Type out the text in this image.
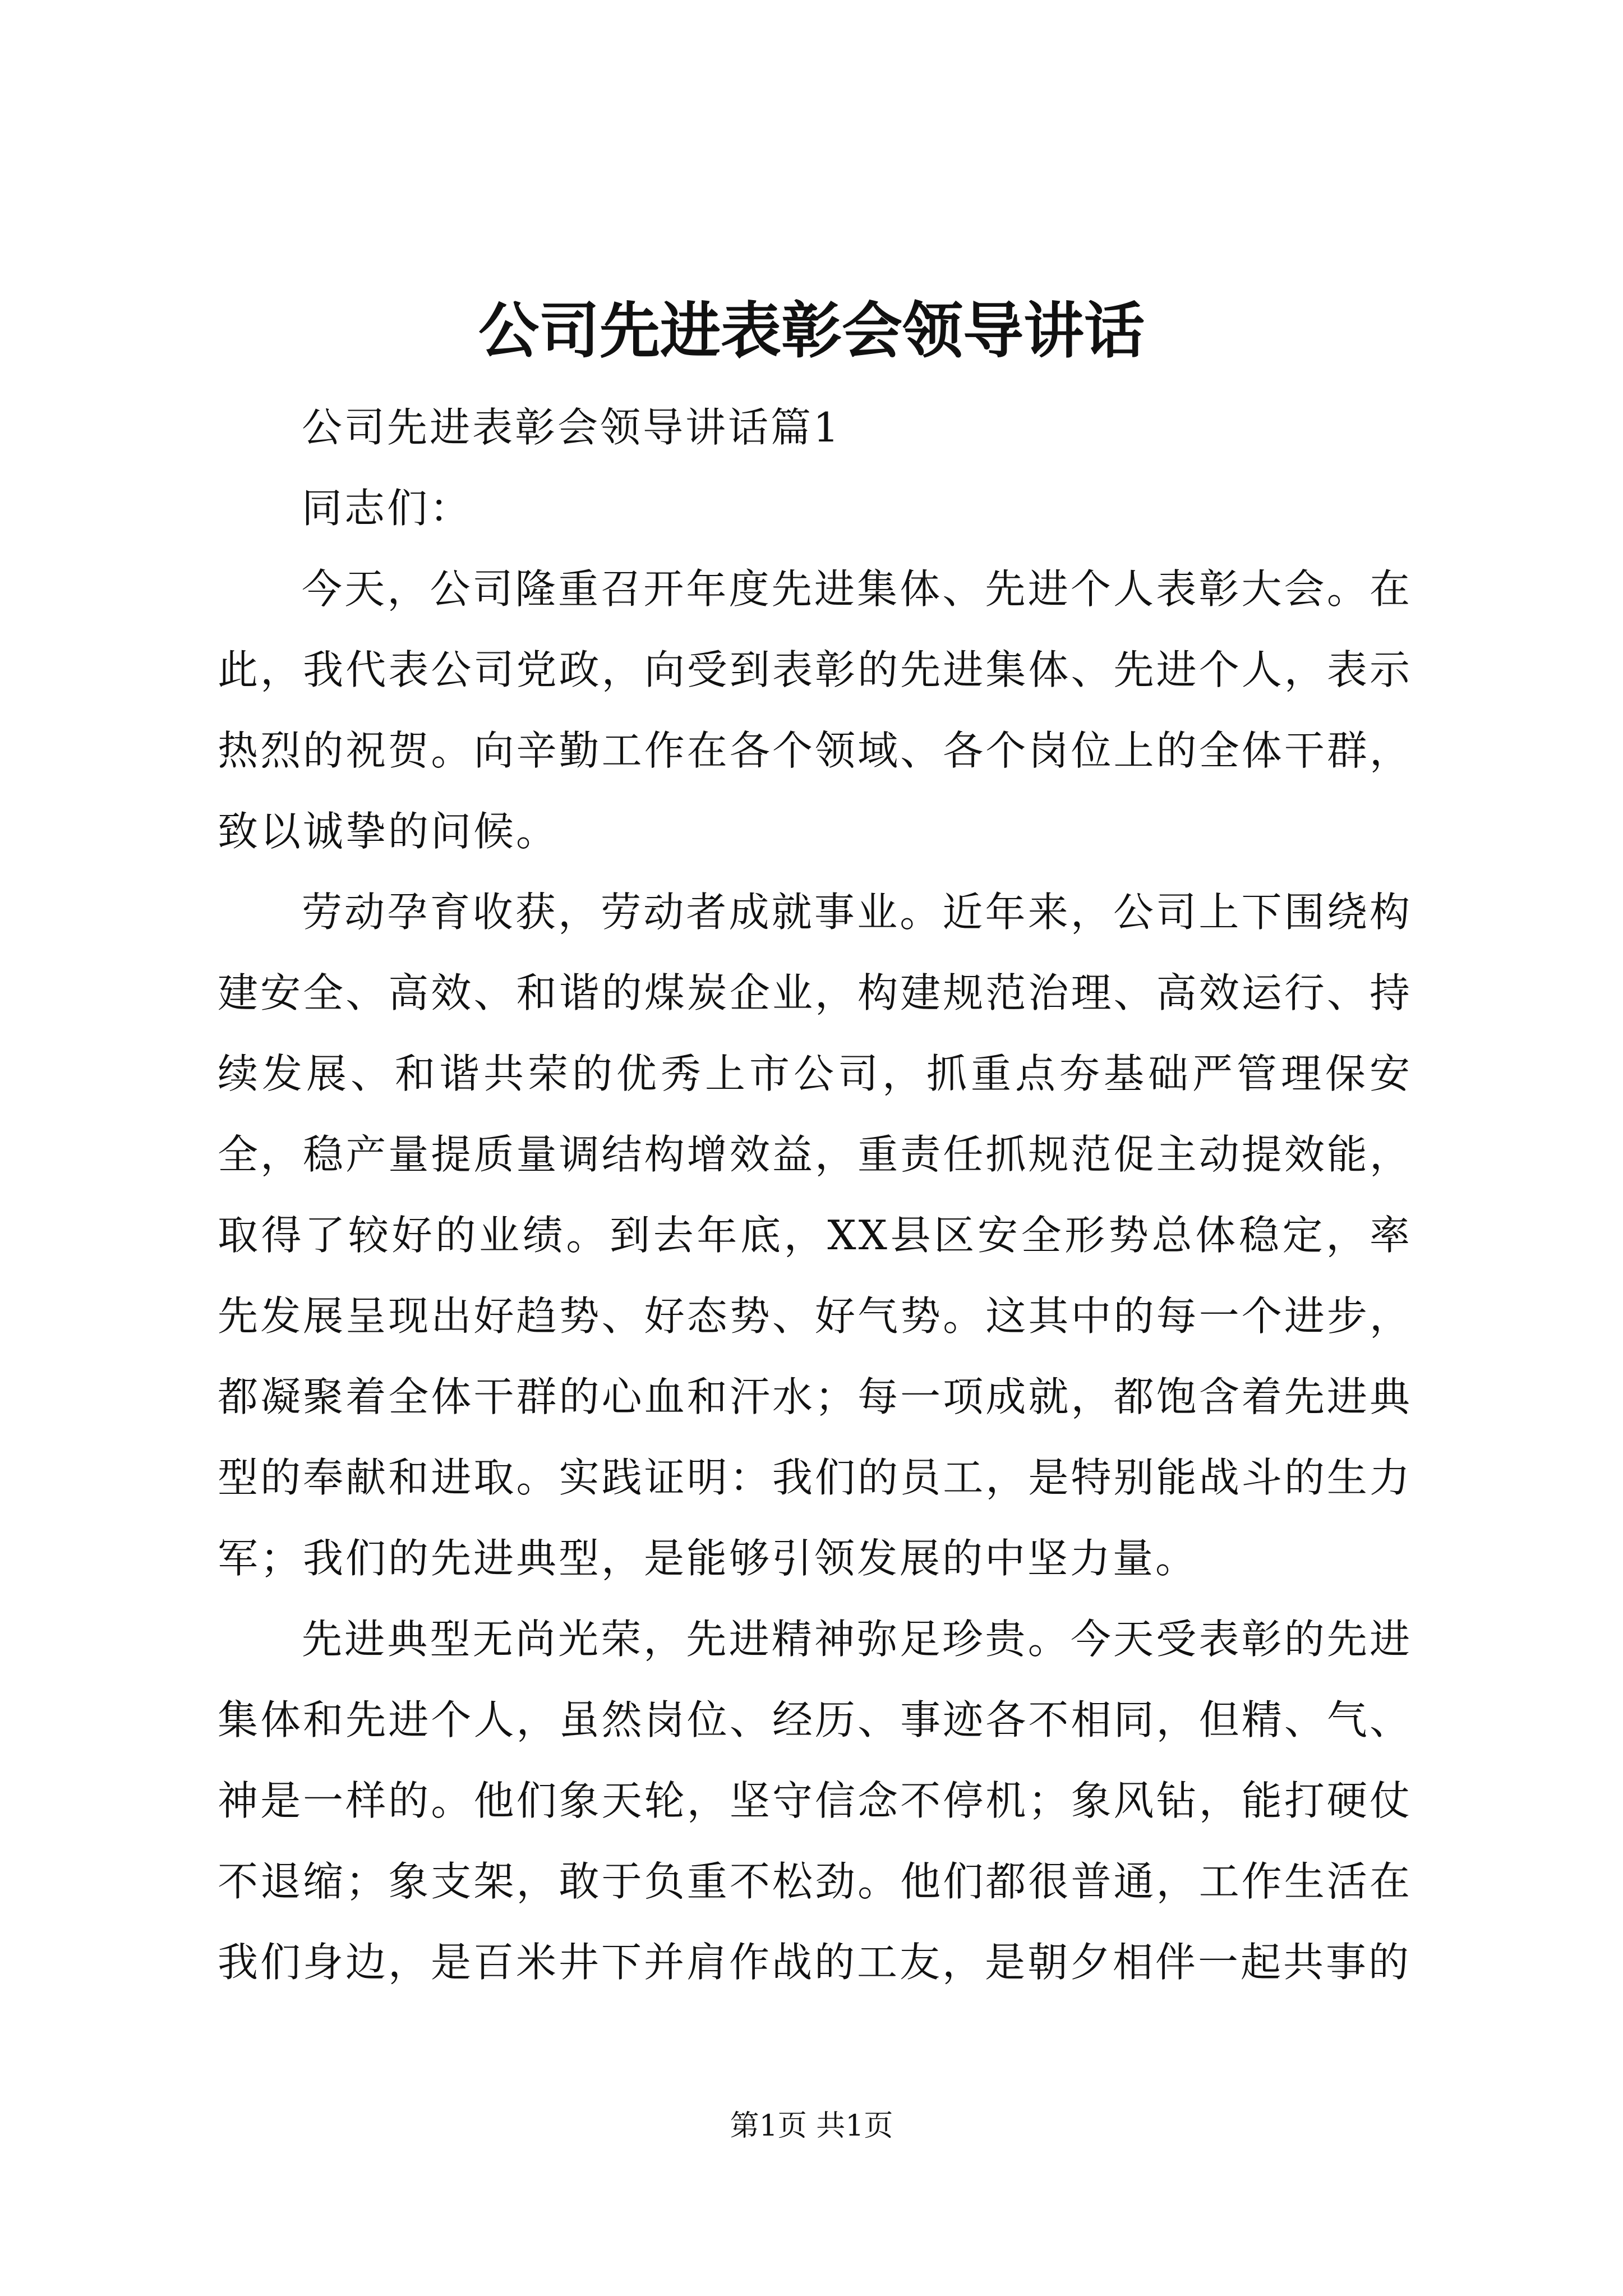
公司先进表彰会领导讲话

公司先进表彰会领导讲话篇1

同志们：

今天，公司隆重召开年度先进集体、先进个人表彰大会。在此，我代表公司党政，向受到表彰的先进集体、先进个人，表示热烈的祝贺。向辛勤工作在各个领域、各个岗位上的全体干群，致以诚挚的问候。

劳动孕育收获，劳动者成就事业。近年来，公司上下围绕构建安全、高效、和谐的煤炭企业，构建规范治理、高效运行、持续发展、和谐共荣的优秀上市公司，抓重点夯基础严管理保安全，稳产量提质量调结构增效益，重责任抓规范促主动提效能，取得了较好的业绩。到去年底，XX县区安全形势总体稳定，率先发展呈现出好趋势、好态势、好气势。这其中的每一个进步，都凝聚着全体干群的心血和汗水；每一项成就，都饱含着先进典型的奉献和进取。实践证明：我们的员工，是特别能战斗的生力军；我们的先进典型，是能够引领发展的中坚力量。

先进典型无尚光荣，先进精神弥足珍贵。今天受表彰的先进集体和先进个人，虽然岗位、经历、事迹各不相同，但精、气、神是一样的。他们象天轮，坚守信念不停机；象风钻，能打硬仗不退缩；象支架，敢于负重不松劲。他们都很普通，工作生活在我们身边，是百米井下并肩作战的工友，是朝夕相伴一起共事的

第1页 共1页
